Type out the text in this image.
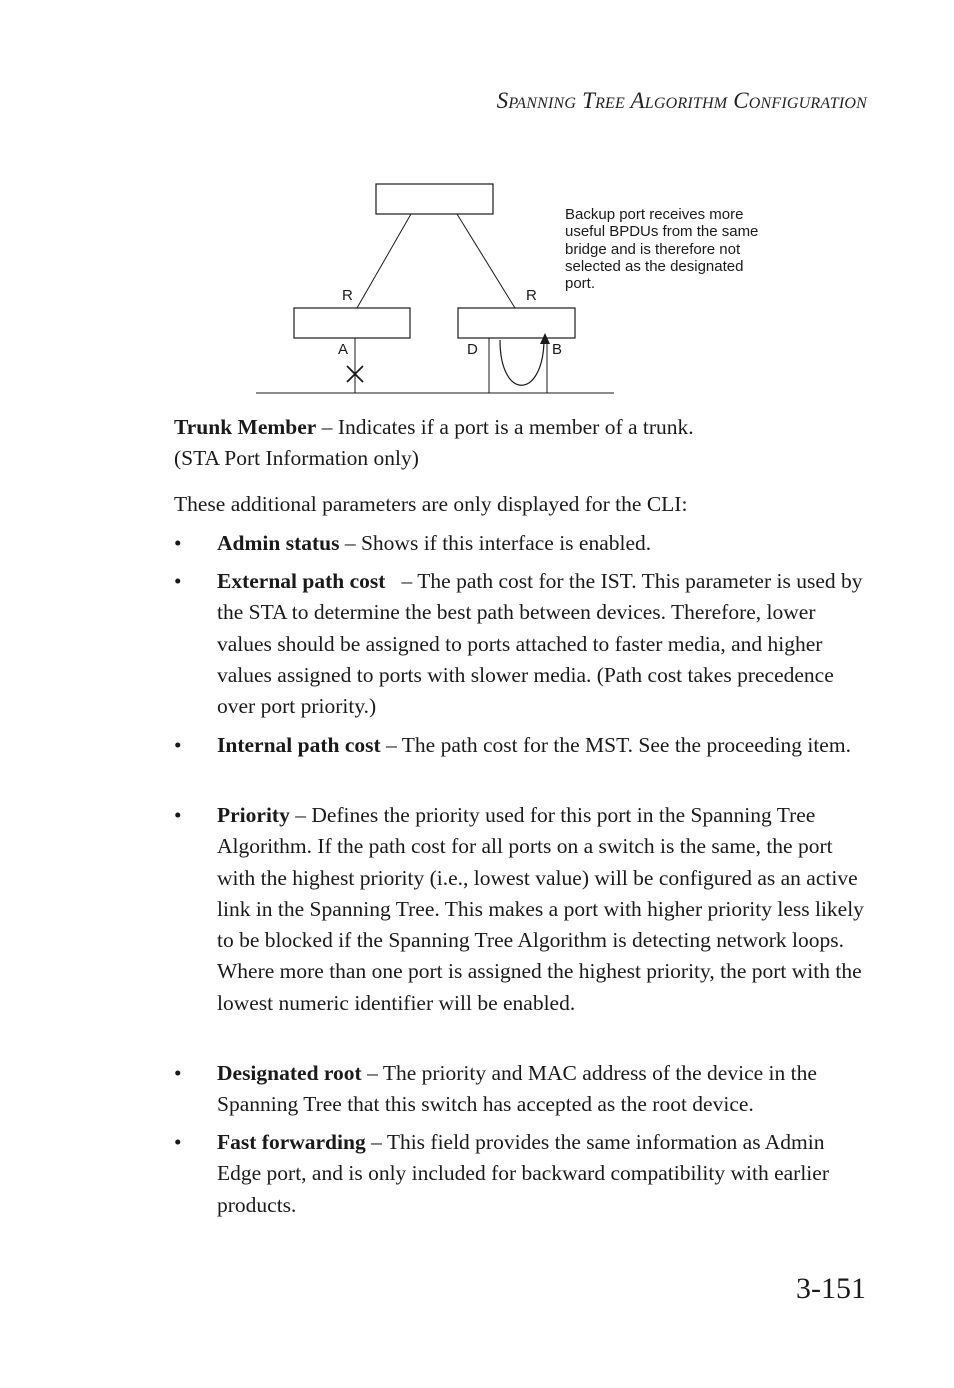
Spanning Tree Algorithm Configuration
R	R
A	D	B
Backup port receives more
useful BPDUs from the same
bridge and is therefore not
selected as the designated
port.
Trunk Member – Indicates if a port is a member of a trunk.
(STA Port Information only)
These additional parameters are only displayed for the CLI:
•	Admin status – Shows if this interface is enabled.
•	External path cost   – The path cost for the IST. This parameter is used by the STA to determine the best path between devices. Therefore, lower values should be assigned to ports attached to faster media, and higher values assigned to ports with slower media. (Path cost takes precedence over port priority.)
•	Internal path cost – The path cost for the MST. See the proceeding item.
•	Priority – Defines the priority used for this port in the Spanning Tree Algorithm. If the path cost for all ports on a switch is the same, the port with the highest priority (i.e., lowest value) will be configured as an active link in the Spanning Tree. This makes a port with higher priority less likely to be blocked if the Spanning Tree Algorithm is detecting network loops. Where more than one port is assigned the highest priority, the port with the lowest numeric identifier will be enabled.
•	Designated root – The priority and MAC address of the device in the Spanning Tree that this switch has accepted as the root device.
•	Fast forwarding – This field provides the same information as Admin Edge port, and is only included for backward compatibility with earlier products.
3-151
